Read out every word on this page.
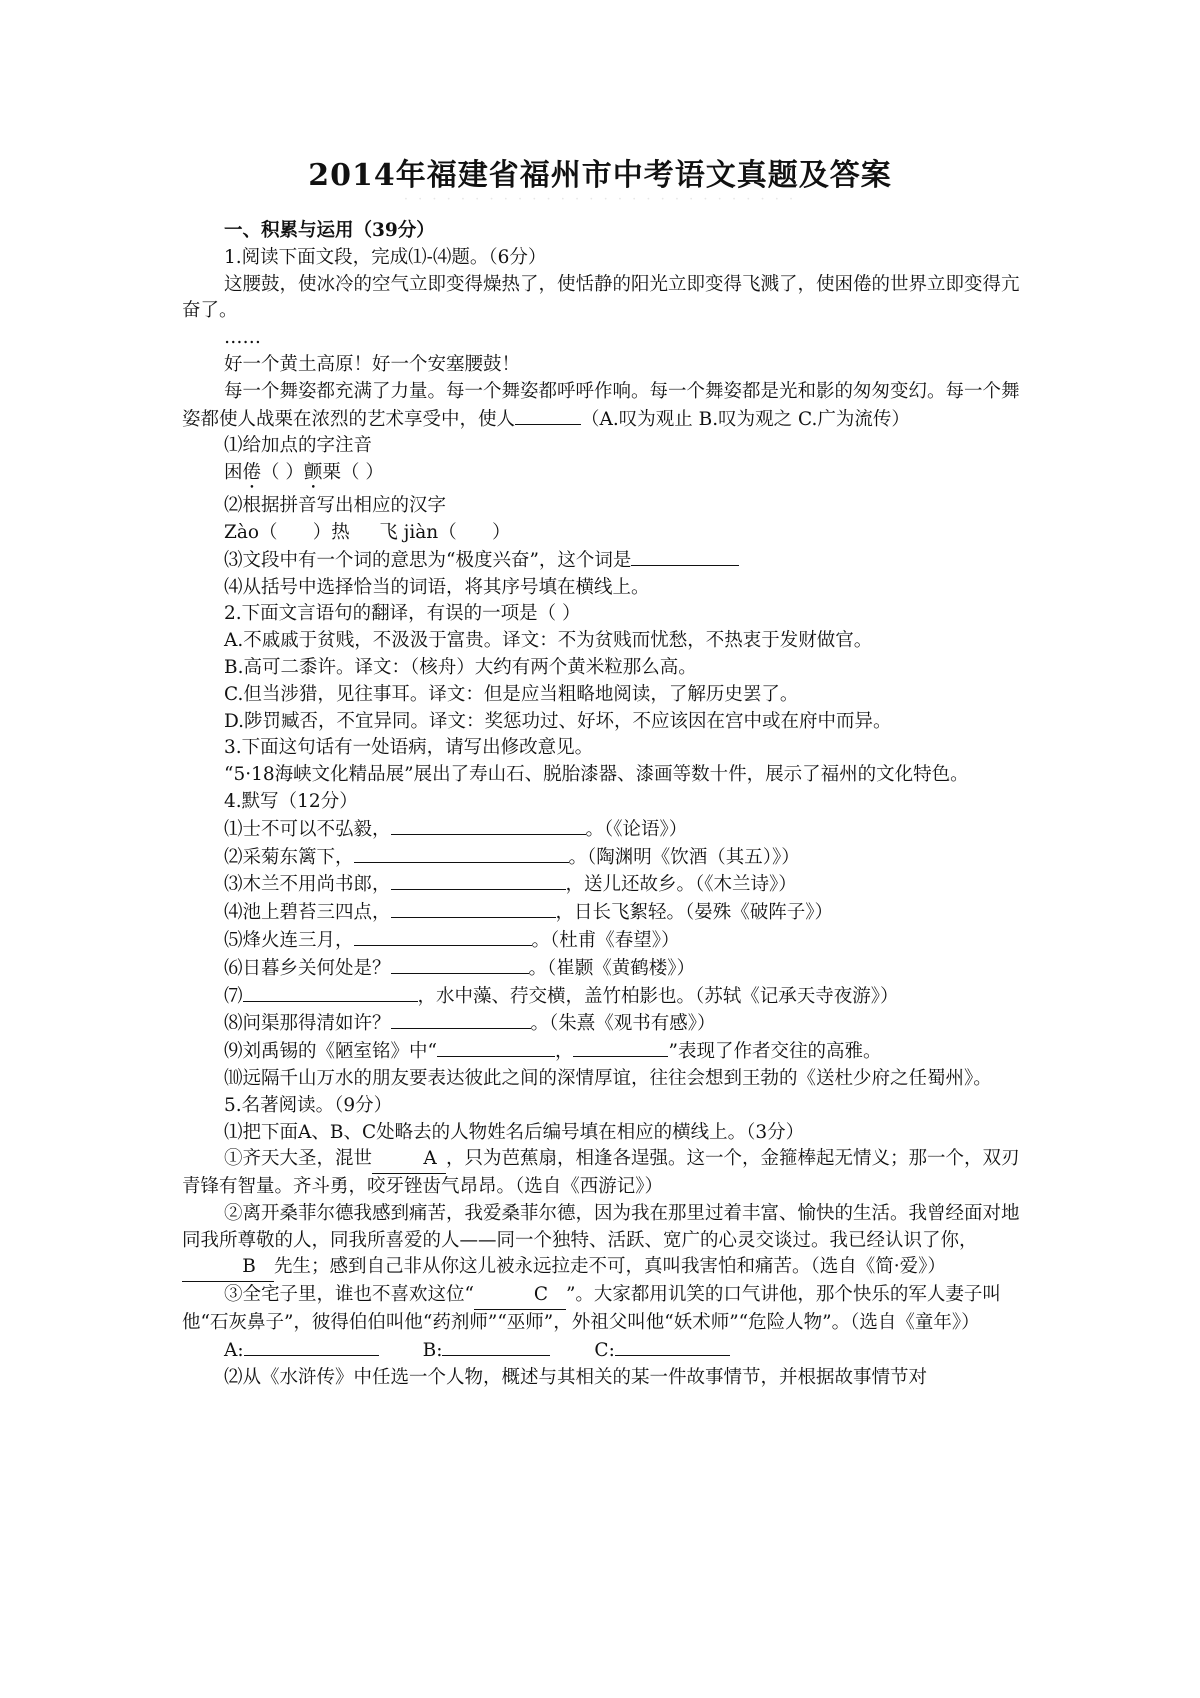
2014年福建省福州市中考语文真题及答案
· · · · · · · · · · · · · · · · · · · · · · · · · · · ·

一、积累与运用（39分）

1.阅读下面文段，完成⑴-⑷题。（6分）

这腰鼓，使冰冷的空气立即变得燥热了，使恬静的阳光立即变得飞溅了，使困倦的世界立即变得亢奋了。

……

好一个黄土高原！好一个安塞腰鼓！

每一个舞姿都充满了力量。每一个舞姿都呼呼作响。每一个舞姿都是光和影的匆匆变幻。每一个舞姿都使人战栗在浓烈的艺术享受中，使人	（A.叹为观止 B.叹为观之 C.广为流传）

⑴给加点的字注音

困倦（ ）颤栗（ ）

⑵根据拼音写出相应的汉字

Zào（      ）热 飞 jiàn（      ）

⑶文段中有一个词的意思为“极度兴奋”，这个词是

⑷从括号中选择恰当的词语，将其序号填在横线上。

2.下面文言语句的翻译，有误的一项是（ ）

A.不戚戚于贫贱，不汲汲于富贵。译文：不为贫贱而忧愁，不热衷于发财做官。

B.高可二黍许。译文：（核舟）大约有两个黄米粒那么高。

C.但当涉猎，见往事耳。译文：但是应当粗略地阅读，了解历史罢了。

D.陟罚臧否，不宜异同。译文：奖惩功过、好坏，不应该因在宫中或在府中而异。

3.下面这句话有一处语病，请写出修改意见。

“5·18海峡文化精品展”展出了寿山石、脱胎漆器、漆画等数十件，展示了福州的文化特色。

4.默写（12分）

⑴士不可以不弘毅，	。（《论语》）

⑵采菊东篱下，	。（陶渊明《饮酒（其五）》）

⑶木兰不用尚书郎，	，送儿还故乡。（《木兰诗》）

⑷池上碧苔三四点，	，日长飞絮轻。（晏殊《破阵子》）

⑸烽火连三月，	。（杜甫《春望》）

⑹日暮乡关何处是？	。（崔颢《黄鹤楼》）

⑺	，水中藻、荇交横，盖竹柏影也。（苏轼《记承天寺夜游》）

⑻问渠那得清如许？	。（朱熹《观书有感》）

⑼刘禹锡的《陋室铭》中“	，	”表现了作者交往的高雅。

⑽远隔千山万水的朋友要表达彼此之间的深情厚谊，往往会想到王勃的《送杜少府之任蜀州》。

5.名著阅读。（9分）

⑴把下面A、B、C处略去的人物姓名后编号填在相应的横线上。（3分）

①齐天大圣，混世	A ，只为芭蕉扇，相逢各逞强。这一个，金箍棒起无情义；那一个，双刃青锋有智量。齐斗勇，咬牙锉齿气昂昂。（选自《西游记》）

②离开桑菲尔德我感到痛苦，我爱桑菲尔德，因为我在那里过着丰富、愉快的生活。我曾经面对地同我所尊敬的人，同我所喜爱的人——同一个独特、活跃、宽广的心灵交谈过。我已经认识了你，B 先生；感到自己非从你这儿被永远拉走不可，真叫我害怕和痛苦。（选自《简·爱》）

③全宅子里，谁也不喜欢这位“	C ”。大家都用讥笑的口气讲他，那个快乐的军人妻子叫他“石灰鼻子”，彼得伯伯叫他“药剂师”“巫师”，外祖父叫他“妖术师”“危险人物”。（选自《童年》）

A:	B:	C:

⑵从《水浒传》中任选一个人物，概述与其相关的某一件故事情节，并根据故事情节对
